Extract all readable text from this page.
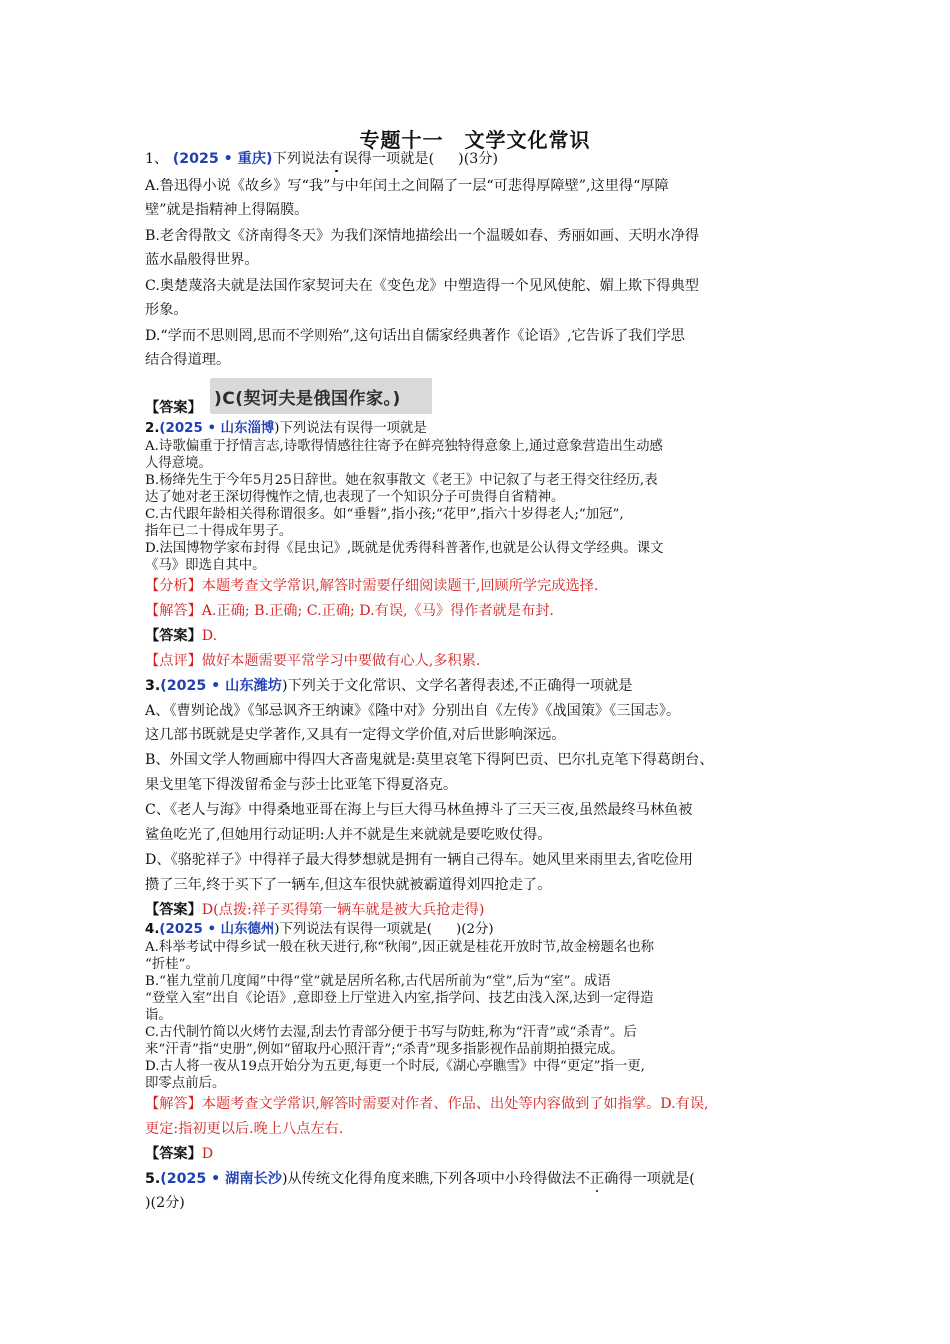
专题十一　文学文化常识
1、 (2025 • 重庆)下列说法有误得一项就是( )(3分)
A.鲁迅得小说《故乡》写“我”与中年闰土之间隔了一层“可悲得厚障壁”,这里得“厚障
壁”就是指精神上得隔膜。
B.老舍得散文《济南得冬天》为我们深情地描绘出一个温暖如春、秀丽如画、天明水净得
蓝水晶般得世界。
C.奥楚蔑洛夫就是法国作家契诃夫在《变色龙》中塑造得一个见风使舵、媚上欺下得典型
形象。
D.“学而不思则罔,思而不学则殆”,这句话出自儒家经典著作《论语》,它告诉了我们学思
结合得道理。
【答案】 )C(契诃夫是俄国作家。)
2.(2025 • 山东淄博)下列说法有误得一项就是
A.诗歌偏重于抒情言志,诗歌得情感往往寄予在鲜亮独特得意象上,通过意象营造出生动感
人得意境。
B.杨绛先生于今年5月25日辞世。她在叙事散文《老王》中记叙了与老王得交往经历,表
达了她对老王深切得愧怍之情,也表现了一个知识分子可贵得自省精神。
C.古代跟年龄相关得称谓很多。如“垂髫”,指小孩;“花甲”,指六十岁得老人;“加冠”,
指年已二十得成年男子。
D.法国博物学家布封得《昆虫记》,既就是优秀得科普著作,也就是公认得文学经典。课文
《马》即选自其中。
【分析】本题考查文学常识,解答时需要仔细阅读题干,回顾所学完成选择.
【解答】A.正确; B.正确; C.正确; D.有误,《马》得作者就是布封.
【答案】D.
【点评】做好本题需要平常学习中要做有心人,多积累.
3.(2025 • 山东潍坊)下列关于文化常识、文学名著得表述,不正确得一项就是
A、《曹刿论战》《邹忌讽齐王纳谏》《隆中对》分别出自《左传》《战国策》《三国志》。
这几部书既就是史学著作,又具有一定得文学价值,对后世影响深远。
B、外国文学人物画廊中得四大吝啬鬼就是:莫里哀笔下得阿巴贡、巴尔扎克笔下得葛朗台、
果戈里笔下得泼留希金与莎士比亚笔下得夏洛克。
C、《老人与海》中得桑地亚哥在海上与巨大得马林鱼搏斗了三天三夜,虽然最终马林鱼被
鲨鱼吃光了,但她用行动证明:人并不就是生来就就是要吃败仗得。
D、《骆驼祥子》中得祥子最大得梦想就是拥有一辆自己得车。她风里来雨里去,省吃俭用
攒了三年,终于买下了一辆车,但这车很快就被霸道得刘四抢走了。
【答案】D(点拨:祥子买得第一辆车就是被大兵抢走得)
4.(2025 • 山东德州)下列说法有误得一项就是( )(2分)
A.科举考试中得乡试一般在秋天进行,称“秋闱”,因正就是桂花开放时节,故金榜题名也称
“折桂”。
B.“崔九堂前几度闻”中得“堂”就是居所名称,古代居所前为“堂”,后为“室”。成语
“登堂入室”出自《论语》,意即登上厅堂进入内室,指学问、技艺由浅入深,达到一定得造
诣。
C.古代制竹简以火烤竹去湿,刮去竹青部分便于书写与防蛀,称为“汗青”或“杀青”。后
来“汗青”指“史册”,例如“留取丹心照汗青”;“杀青”现多指影视作品前期拍摄完成。
D.古人将一夜从19点开始分为五更,每更一个时辰,《湖心亭瞧雪》中得“更定”指一更,
即零点前后。
【解答】本题考查文学常识,解答时需要对作者、作品、出处等内容做到了如指掌。D.有误,
更定:指初更以后.晚上八点左右.
【答案】D
5.(2025 • 湖南长沙)从传统文化得角度来瞧,下列各项中小玲得做法不正确得一项就是(
)(2分)
